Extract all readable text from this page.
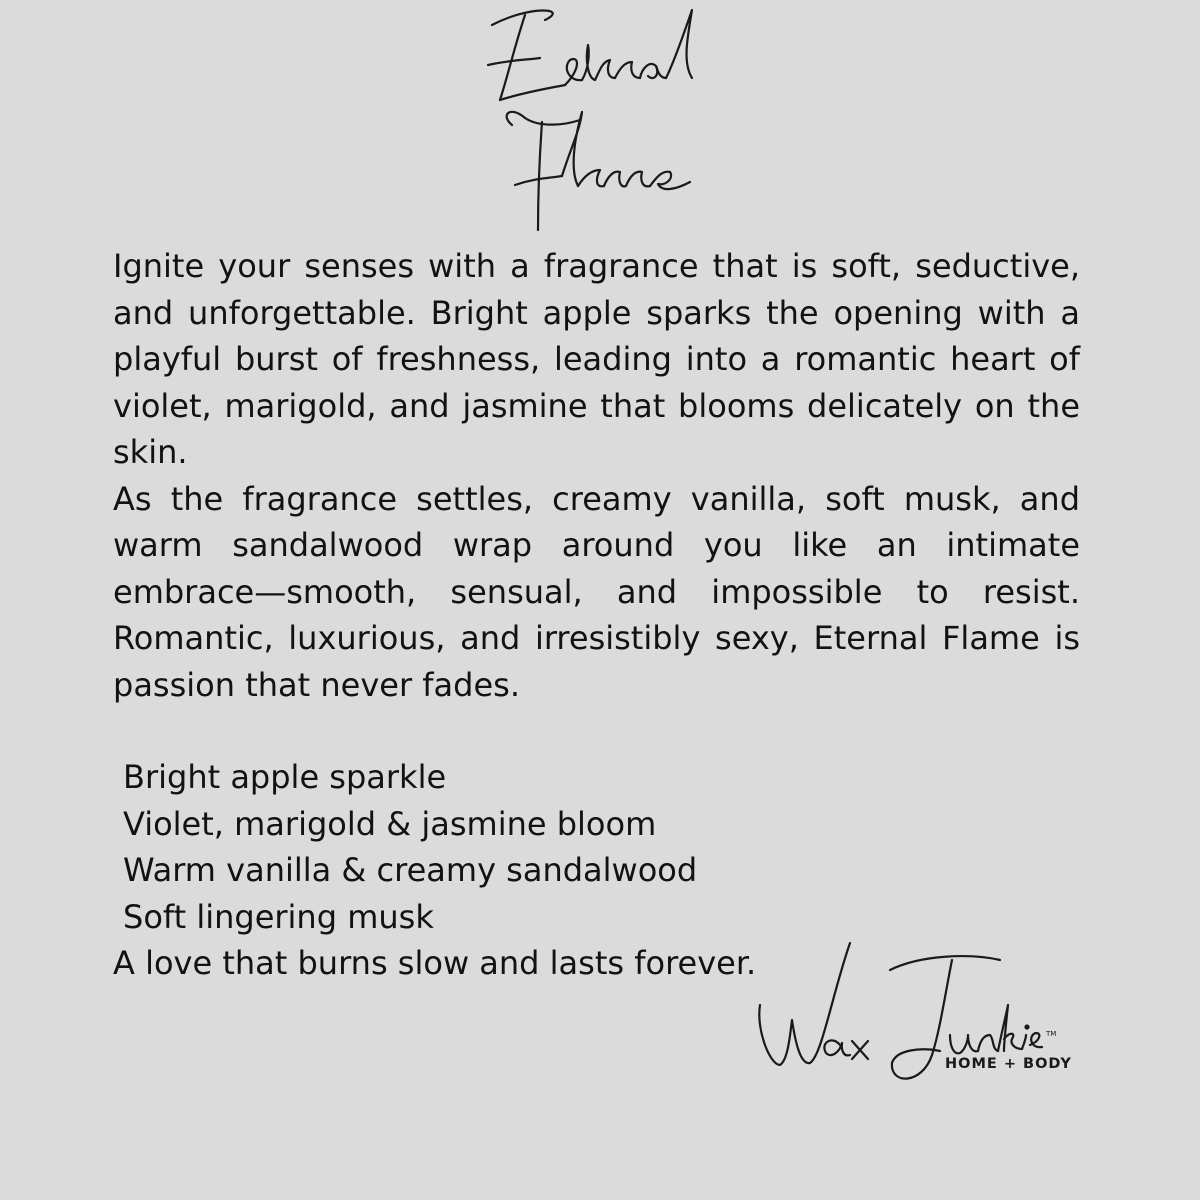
Ignite your senses with a fragrance that is soft, seductive, and unforgettable. Bright apple sparks the opening with a playful burst of freshness, leading into a romantic heart of violet, marigold, and jasmine that blooms delicately on the skin.

As the fragrance settles, creamy vanilla, soft musk, and warm sandalwood wrap around you like an intimate embrace—smooth, sensual, and impossible to resist. Romantic, luxurious, and irresistibly sexy, Eternal Flame is passion that never fades.

Bright apple sparkle
Violet, marigold & jasmine bloom
Warm vanilla & creamy sandalwood
Soft lingering musk
A love that burns slow and lasts forever.
TM
HOME + BODY
